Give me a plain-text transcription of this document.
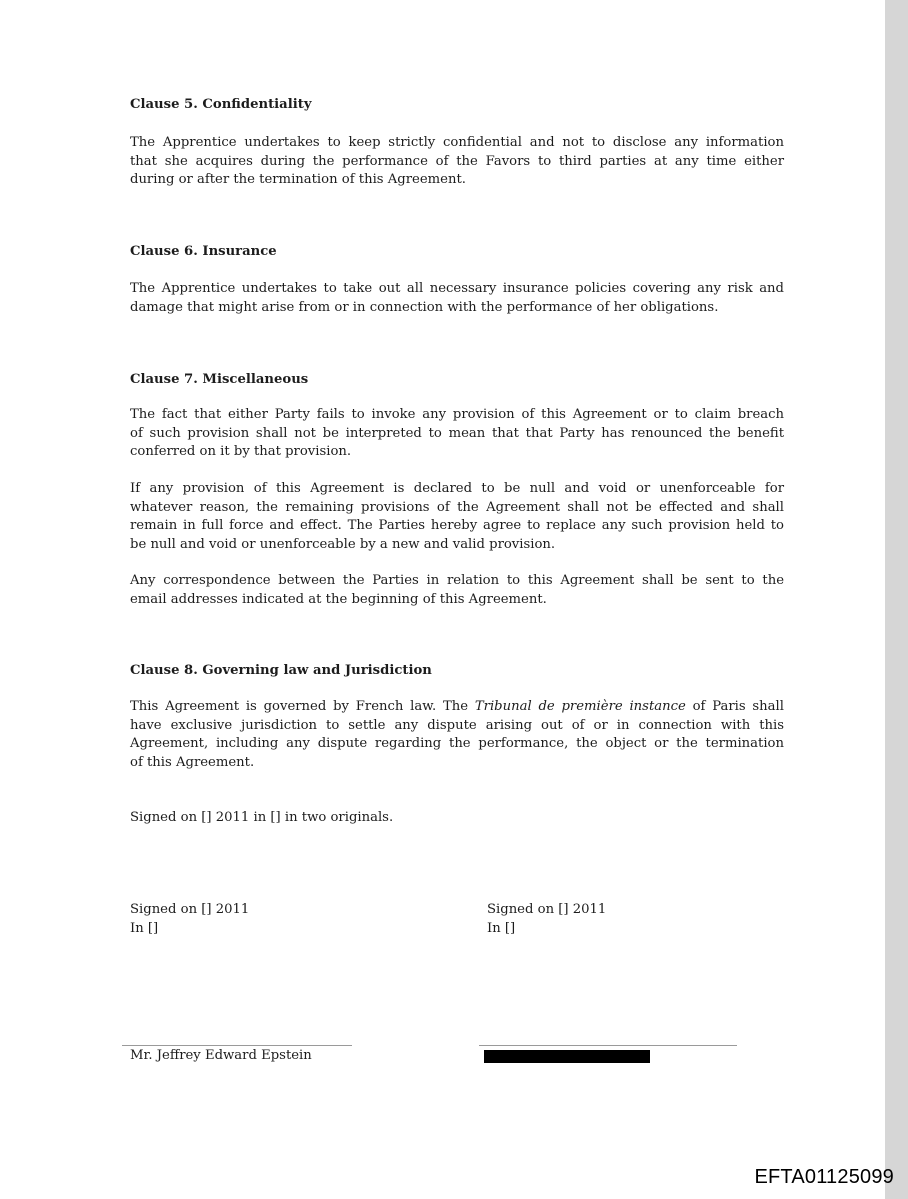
Clause 5. Confidentiality
The Apprentice undertakes to keep strictly confidential and not to disclose any information
that she acquires during the performance of the Favors to third parties at any time either
during or after the termination of this Agreement.
Clause 6. Insurance
The Apprentice undertakes to take out all necessary insurance policies covering any risk and
damage that might arise from or in connection with the performance of her obligations.
Clause 7. Miscellaneous
The fact that either Party fails to invoke any provision of this Agreement or to claim breach
of such provision shall not be interpreted to mean that that Party has renounced the benefit
conferred on it by that provision.
If any provision of this Agreement is declared to be null and void or unenforceable for
whatever reason, the remaining provisions of the Agreement shall not be effected and shall
remain in full force and effect. The Parties hereby agree to replace any such provision held to
be null and void or unenforceable by a new and valid provision.
Any correspondence between the Parties in relation to this Agreement shall be sent to the
email addresses indicated at the beginning of this Agreement.
Clause 8. Governing law and Jurisdiction
This Agreement is governed by French law. The Tribunal de première instance of Paris shall
have exclusive jurisdiction to settle any dispute arising out of or in connection with this
Agreement, including any dispute regarding the performance, the object or the termination
of this Agreement.
Signed on [] 2011 in [] in two originals.
Signed on [] 2011
In []
Signed on [] 2011
In []
Mr. Jeffrey Edward Epstein
EFTA01125099
